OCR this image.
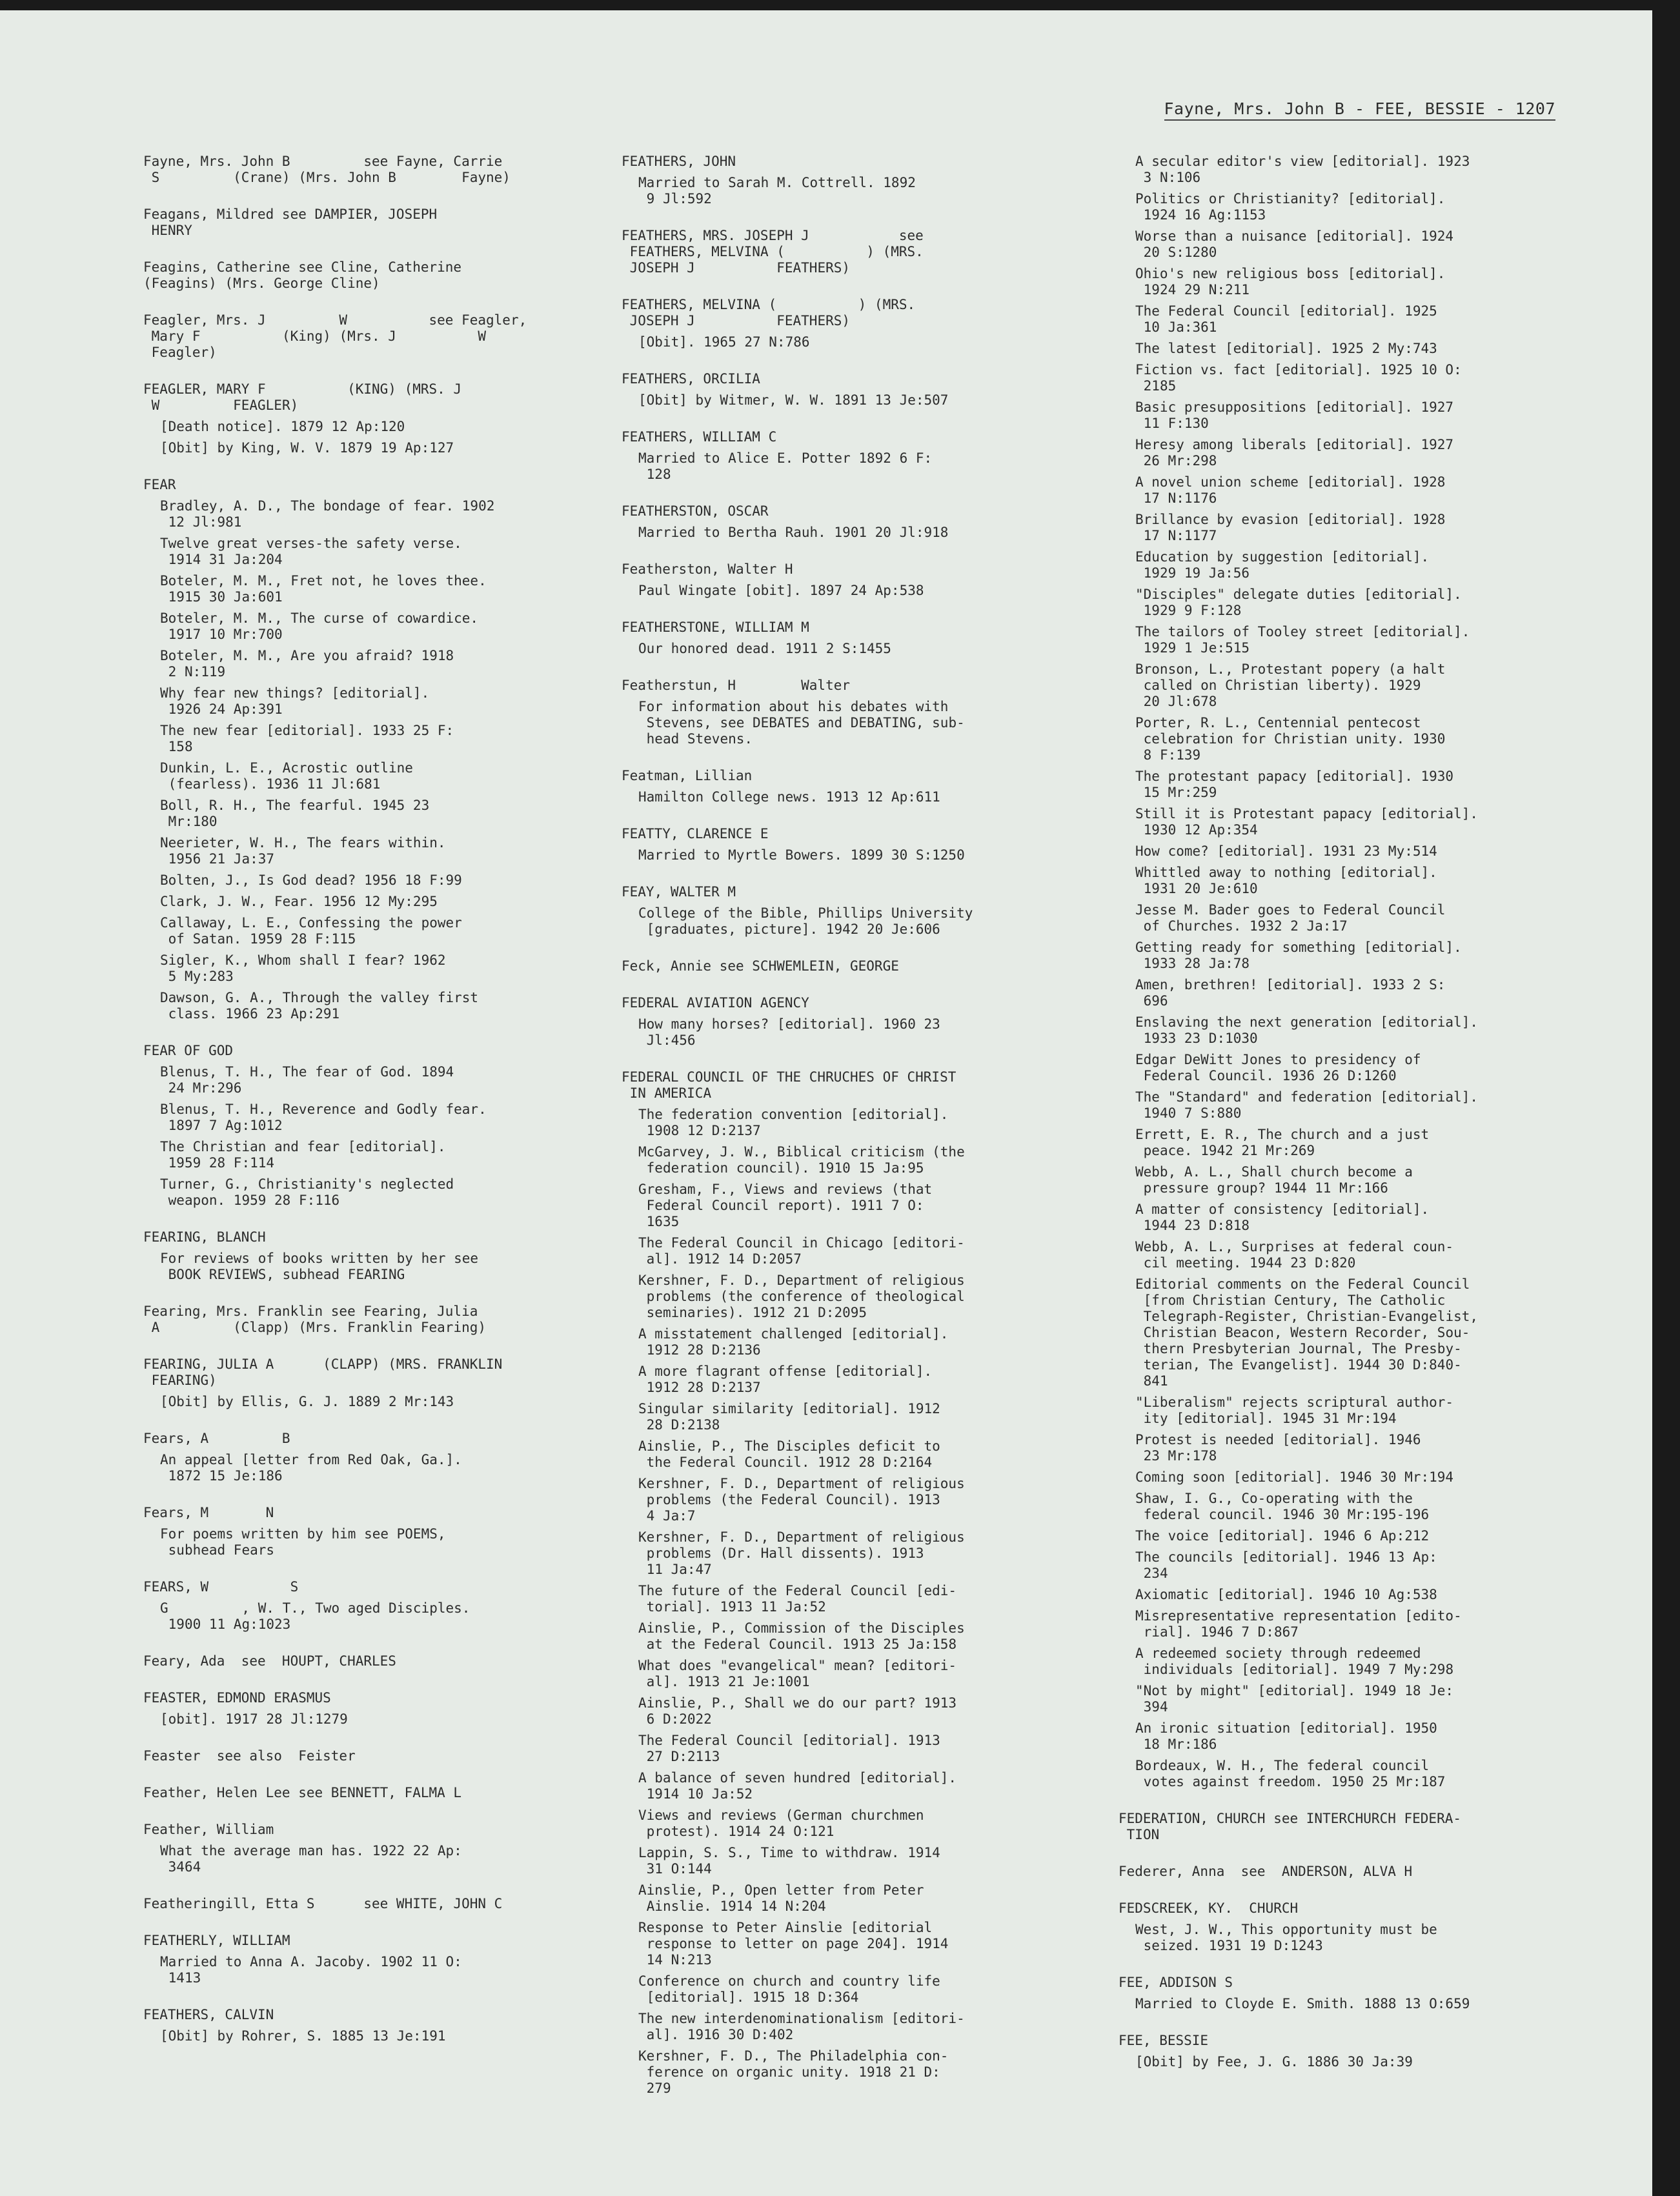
Fayne, Mrs. John B - FEE, BESSIE - 1207
Fayne, Mrs. John B         see Fayne, Carrie
S         (Crane) (Mrs. John B        Fayne)
Feagans, Mildred see DAMPIER, JOSEPH
HENRY
Feagins, Catherine see Cline, Catherine
(Feagins) (Mrs. George Cline)
Feagler, Mrs. J         W          see Feagler,
Mary F          (King) (Mrs. J          W
Feagler)
FEAGLER, MARY F          (KING) (MRS. J
W         FEAGLER)
[Death notice]. 1879 12 Ap:120
[Obit] by King, W. V. 1879 19 Ap:127
FEAR
Bradley, A. D., The bondage of fear. 1902
12 Jl:981
Twelve great verses-the safety verse.
1914 31 Ja:204
Boteler, M. M., Fret not, he loves thee.
1915 30 Ja:601
Boteler, M. M., The curse of cowardice.
1917 10 Mr:700
Boteler, M. M., Are you afraid? 1918
2 N:119
Why fear new things? [editorial].
1926 24 Ap:391
The new fear [editorial]. 1933 25 F:
158
Dunkin, L. E., Acrostic outline
(fearless). 1936 11 Jl:681
Boll, R. H., The fearful. 1945 23
Mr:180
Neerieter, W. H., The fears within.
1956 21 Ja:37
Bolten, J., Is God dead? 1956 18 F:99
Clark, J. W., Fear. 1956 12 My:295
Callaway, L. E., Confessing the power
of Satan. 1959 28 F:115
Sigler, K., Whom shall I fear? 1962
5 My:283
Dawson, G. A., Through the valley first
class. 1966 23 Ap:291
FEAR OF GOD
Blenus, T. H., The fear of God. 1894
24 Mr:296
Blenus, T. H., Reverence and Godly fear.
1897 7 Ag:1012
The Christian and fear [editorial].
1959 28 F:114
Turner, G., Christianity's neglected
weapon. 1959 28 F:116
FEARING, BLANCH
For reviews of books written by her see
BOOK REVIEWS, subhead FEARING
Fearing, Mrs. Franklin see Fearing, Julia
A         (Clapp) (Mrs. Franklin Fearing)
FEARING, JULIA A      (CLAPP) (MRS. FRANKLIN
FEARING)
[Obit] by Ellis, G. J. 1889 2 Mr:143
Fears, A         B
An appeal [letter from Red Oak, Ga.].
1872 15 Je:186
Fears, M       N
For poems written by him see POEMS,
subhead Fears
FEARS, W          S
G         , W. T., Two aged Disciples.
1900 11 Ag:1023
Feary, Ada  see  HOUPT, CHARLES
FEASTER, EDMOND ERASMUS
[obit]. 1917 28 Jl:1279
Feaster  see also  Feister
Feather, Helen Lee see BENNETT, FALMA L
Feather, William
What the average man has. 1922 22 Ap:
3464
Featheringill, Etta S      see WHITE, JOHN C
FEATHERLY, WILLIAM
Married to Anna A. Jacoby. 1902 11 O:
1413
FEATHERS, CALVIN
[Obit] by Rohrer, S. 1885 13 Je:191
FEATHERS, JOHN
Married to Sarah M. Cottrell. 1892
9 Jl:592
FEATHERS, MRS. JOSEPH J           see
FEATHERS, MELVINA (          ) (MRS.
JOSEPH J          FEATHERS)
FEATHERS, MELVINA (          ) (MRS.
JOSEPH J          FEATHERS)
[Obit]. 1965 27 N:786
FEATHERS, ORCILIA
[Obit] by Witmer, W. W. 1891 13 Je:507
FEATHERS, WILLIAM C
Married to Alice E. Potter 1892 6 F:
128
FEATHERSTON, OSCAR
Married to Bertha Rauh. 1901 20 Jl:918
Featherston, Walter H
Paul Wingate [obit]. 1897 24 Ap:538
FEATHERSTONE, WILLIAM M
Our honored dead. 1911 2 S:1455
Featherstun, H        Walter
For information about his debates with
Stevens, see DEBATES and DEBATING, sub-
head Stevens.
Featman, Lillian
Hamilton College news. 1913 12 Ap:611
FEATTY, CLARENCE E
Married to Myrtle Bowers. 1899 30 S:1250
FEAY, WALTER M
College of the Bible, Phillips University
[graduates, picture]. 1942 20 Je:606
Feck, Annie see SCHWEMLEIN, GEORGE
FEDERAL AVIATION AGENCY
How many horses? [editorial]. 1960 23
Jl:456
FEDERAL COUNCIL OF THE CHRUCHES OF CHRIST
IN AMERICA
The federation convention [editorial].
1908 12 D:2137
McGarvey, J. W., Biblical criticism (the
federation council). 1910 15 Ja:95
Gresham, F., Views and reviews (that
Federal Council report). 1911 7 O:
1635
The Federal Council in Chicago [editori-
al]. 1912 14 D:2057
Kershner, F. D., Department of religious
problems (the conference of theological
seminaries). 1912 21 D:2095
A misstatement challenged [editorial].
1912 28 D:2136
A more flagrant offense [editorial].
1912 28 D:2137
Singular similarity [editorial]. 1912
28 D:2138
Ainslie, P., The Disciples deficit to
the Federal Council. 1912 28 D:2164
Kershner, F. D., Department of religious
problems (the Federal Council). 1913
4 Ja:7
Kershner, F. D., Department of religious
problems (Dr. Hall dissents). 1913
11 Ja:47
The future of the Federal Council [edi-
torial]. 1913 11 Ja:52
Ainslie, P., Commission of the Disciples
at the Federal Council. 1913 25 Ja:158
What does "evangelical" mean? [editori-
al]. 1913 21 Je:1001
Ainslie, P., Shall we do our part? 1913
6 D:2022
The Federal Council [editorial]. 1913
27 D:2113
A balance of seven hundred [editorial].
1914 10 Ja:52
Views and reviews (German churchmen
protest). 1914 24 O:121
Lappin, S. S., Time to withdraw. 1914
31 O:144
Ainslie, P., Open letter from Peter
Ainslie. 1914 14 N:204
Response to Peter Ainslie [editorial
response to letter on page 204]. 1914
14 N:213
Conference on church and country life
[editorial]. 1915 18 D:364
The new interdenominationalism [editori-
al]. 1916 30 D:402
Kershner, F. D., The Philadelphia con-
ference on organic unity. 1918 21 D:
279
A secular editor's view [editorial]. 1923
3 N:106
Politics or Christianity? [editorial].
1924 16 Ag:1153
Worse than a nuisance [editorial]. 1924
20 S:1280
Ohio's new religious boss [editorial].
1924 29 N:211
The Federal Council [editorial]. 1925
10 Ja:361
The latest [editorial]. 1925 2 My:743
Fiction vs. fact [editorial]. 1925 10 O:
2185
Basic presuppositions [editorial]. 1927
11 F:130
Heresy among liberals [editorial]. 1927
26 Mr:298
A novel union scheme [editorial]. 1928
17 N:1176
Brillance by evasion [editorial]. 1928
17 N:1177
Education by suggestion [editorial].
1929 19 Ja:56
"Disciples" delegate duties [editorial].
1929 9 F:128
The tailors of Tooley street [editorial].
1929 1 Je:515
Bronson, L., Protestant popery (a halt
called on Christian liberty). 1929
20 Jl:678
Porter, R. L., Centennial pentecost
celebration for Christian unity. 1930
8 F:139
The protestant papacy [editorial]. 1930
15 Mr:259
Still it is Protestant papacy [editorial].
1930 12 Ap:354
How come? [editorial]. 1931 23 My:514
Whittled away to nothing [editorial].
1931 20 Je:610
Jesse M. Bader goes to Federal Council
of Churches. 1932 2 Ja:17
Getting ready for something [editorial].
1933 28 Ja:78
Amen, brethren! [editorial]. 1933 2 S:
696
Enslaving the next generation [editorial].
1933 23 D:1030
Edgar DeWitt Jones to presidency of
Federal Council. 1936 26 D:1260
The "Standard" and federation [editorial].
1940 7 S:880
Errett, E. R., The church and a just
peace. 1942 21 Mr:269
Webb, A. L., Shall church become a
pressure group? 1944 11 Mr:166
A matter of consistency [editorial].
1944 23 D:818
Webb, A. L., Surprises at federal coun-
cil meeting. 1944 23 D:820
Editorial comments on the Federal Council
[from Christian Century, The Catholic
Telegraph-Register, Christian-Evangelist,
Christian Beacon, Western Recorder, Sou-
thern Presbyterian Journal, The Presby-
terian, The Evangelist]. 1944 30 D:840-
841
"Liberalism" rejects scriptural author-
ity [editorial]. 1945 31 Mr:194
Protest is needed [editorial]. 1946
23 Mr:178
Coming soon [editorial]. 1946 30 Mr:194
Shaw, I. G., Co-operating with the
federal council. 1946 30 Mr:195-196
The voice [editorial]. 1946 6 Ap:212
The councils [editorial]. 1946 13 Ap:
234
Axiomatic [editorial]. 1946 10 Ag:538
Misrepresentative representation [edito-
rial]. 1946 7 D:867
A redeemed society through redeemed
individuals [editorial]. 1949 7 My:298
"Not by might" [editorial]. 1949 18 Je:
394
An ironic situation [editorial]. 1950
18 Mr:186
Bordeaux, W. H., The federal council
votes against freedom. 1950 25 Mr:187
FEDERATION, CHURCH see INTERCHURCH FEDERA-
TION
Federer, Anna  see  ANDERSON, ALVA H
FEDSCREEK, KY.  CHURCH
West, J. W., This opportunity must be
seized. 1931 19 D:1243
FEE, ADDISON S
Married to Cloyde E. Smith. 1888 13 O:659
FEE, BESSIE
[Obit] by Fee, J. G. 1886 30 Ja:39
